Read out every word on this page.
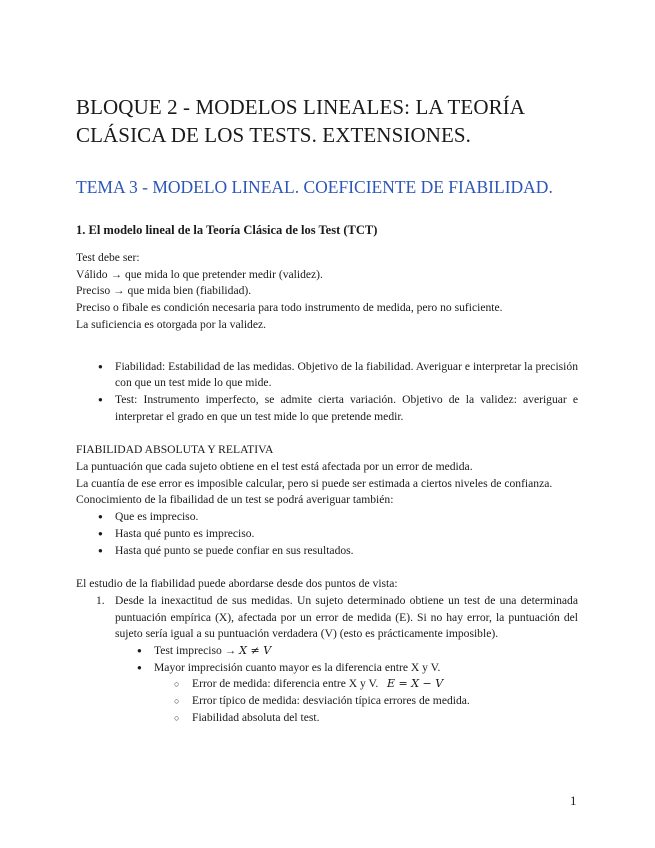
BLOQUE 2 - MODELOS LINEALES: LA TEORÍA
CLÁSICA DE LOS TESTS. EXTENSIONES.
TEMA 3 - MODELO LINEAL. COEFICIENTE DE FIABILIDAD.
1. El modelo lineal de la Teoría Clásica de los Test (TCT)

Test debe ser:

Válido → que mida lo que pretender medir (validez).

Preciso → que mida bien (fiabilidad).

Preciso o fibale es condición necesaria para todo instrumento de medida, pero no suficiente.

La suficiencia es otorgada por la validez.

● Fiabilidad: Estabilidad de las medidas. Objetivo de la fiabilidad. Averiguar e interpretar la precisión con que un test mide lo que mide.
● Test: Instrumento imperfecto, se admite cierta variación. Objetivo de la validez: averiguar e interpretar el grado en que un test mide lo que pretende medir.

FIABILIDAD ABSOLUTA Y RELATIVA

La puntuación que cada sujeto obtiene en el test está afectada por un error de medida.

La cuantía de ese error es imposible calcular, pero si puede ser estimada a ciertos niveles de confianza.

Conocimiento de la fibailidad de un test se podrá averiguar también:

● Que es impreciso.
● Hasta qué punto es impreciso.
● Hasta qué punto se puede confiar en sus resultados.

El estudio de la fiabilidad puede abordarse desde dos puntos de vista:

1. Desde la inexactitud de sus medidas. Un sujeto determinado obtiene un test de una determinada puntuación empírica (X), afectada por un error de medida (E). Si no hay error, la puntuación del sujeto sería igual a su puntuación verdadera (V) (esto es prácticamente imposible).
● Test impreciso → X ≠ V
● Mayor imprecisión cuanto mayor es la diferencia entre X y V.
○ Error de medida: diferencia entre X y V.   E = X − V
○ Error típico de medida: desviación típica errores de medida.
○ Fiabilidad absoluta del test.
1
